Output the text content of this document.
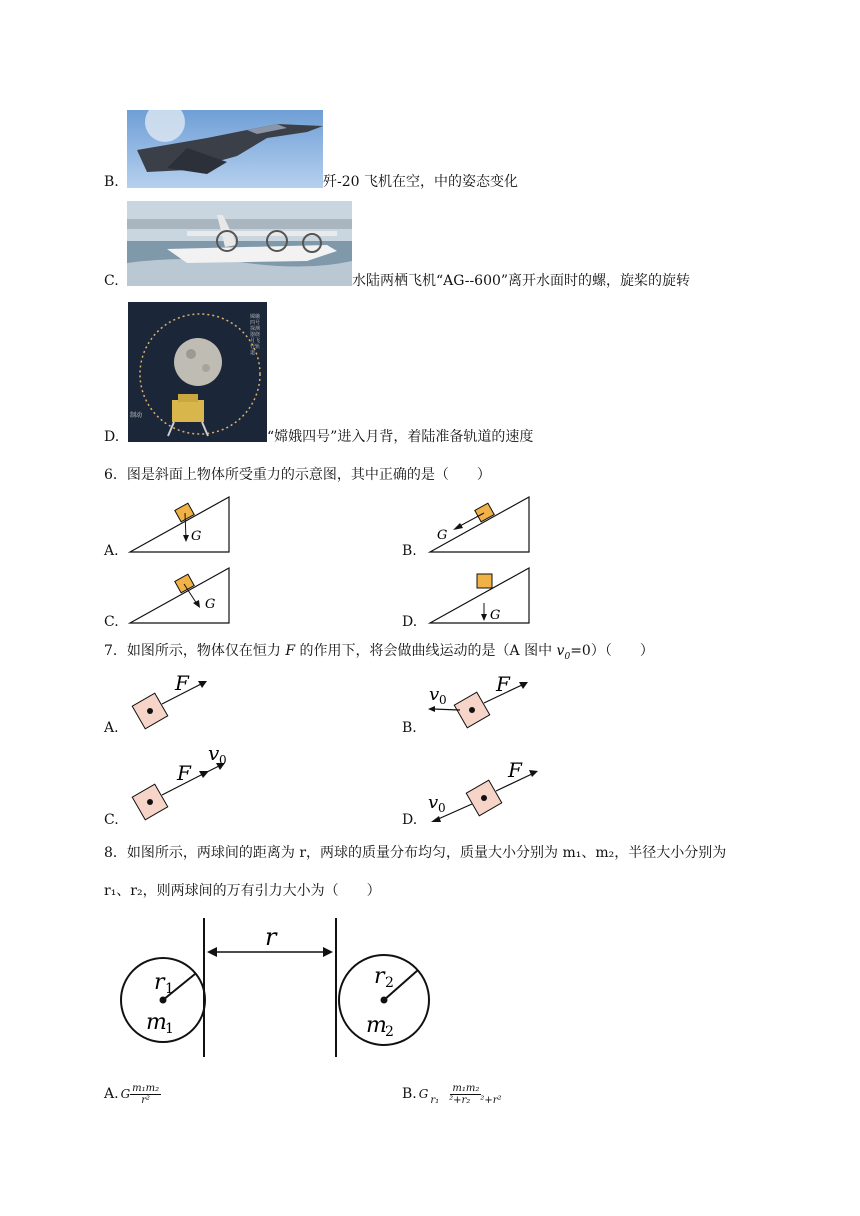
B.	歼-20 飞机在空，中的姿态变化
C.	水陆两栖飞机“AG--600”离开水面时的螺，旋桨的旋转
D.
嫦娥四号探测器绕月飞行轨道
制动
“嫦娥四号”进入月背，着陆准备轨道的速度
6．图是斜面上物体所受重力的示意图，其中正确的是（　　）
A.
G
B.
G
C.
G
D.	G
7．如图所示，物体仅在恒力 F 的作用下，将会做曲线运动的是（A 图中 $v_0=0$）（　　）
A.
F
B.
F
v 0
C.
F
v 0
D.
F
v 0
8．如图所示，两球间的距离为 r，两球的质量分布均匀，质量大小分别为 m₁、m₂，半径大小分别为
r₁、r₂，则两球间的万有引力大小为（　　）
r
r 1
m
1
r 2
m
2
A. G $\frac{\text{m₁m₂}}{\text{r²}}$	B. G $\frac{\text{m₁m₂}}{\text{r₁　²+r₂　²+r²}}$
